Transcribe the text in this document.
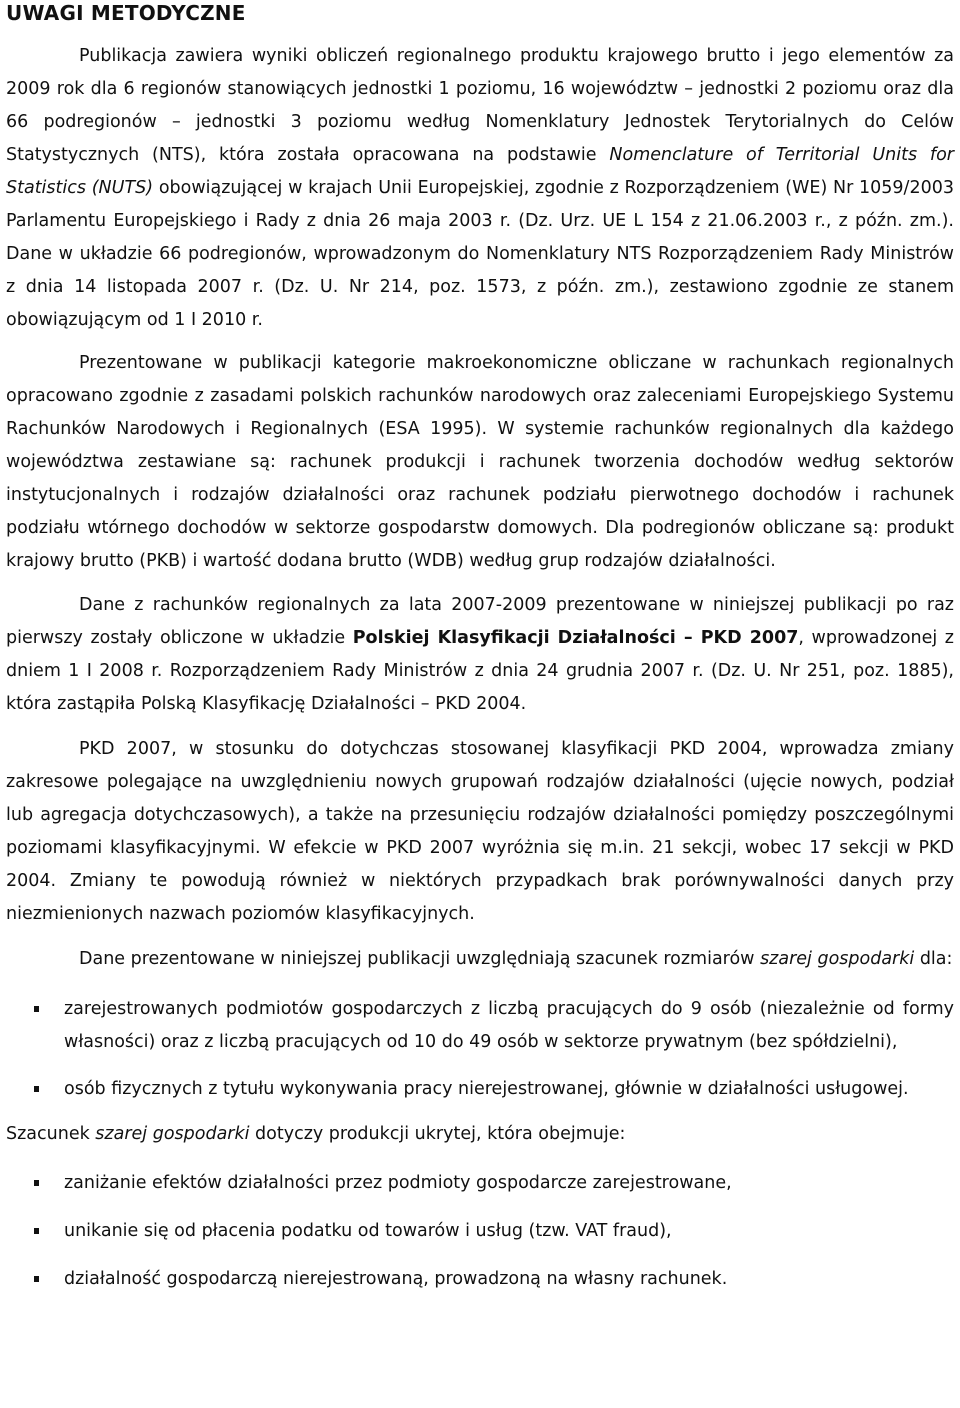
UWAGI METODYCZNE

Publikacja zawiera wyniki obliczeń regionalnego produktu krajowego brutto i jego elementów za 2009 rok dla 6 regionów stanowiących jednostki 1 poziomu, 16 województw – jednostki 2 poziomu oraz dla 66 podregionów – jednostki 3 poziomu według Nomenklatury Jednostek Terytorialnych do Celów Statystycznych (NTS), która została opracowana na podstawie Nomenclature of Territorial Units for Statistics (NUTS) obowiązującej w krajach Unii Europejskiej, zgodnie z Rozporządzeniem (WE) Nr 1059/2003 Parlamentu Europejskiego i Rady z dnia 26 maja 2003 r. (Dz. Urz. UE L 154 z 21.06.2003 r., z późn. zm.). Dane w układzie 66 podregionów, wprowadzonym do Nomenklatury NTS Rozporządzeniem Rady Ministrów z dnia 14 listopada 2007 r. (Dz. U. Nr 214, poz. 1573, z późn. zm.), zestawiono zgodnie ze stanem obowiązującym od 1 I 2010 r.

Prezentowane w publikacji kategorie makroekonomiczne obliczane w rachunkach regionalnych opracowano zgodnie z zasadami polskich rachunków narodowych oraz zaleceniami Europejskiego Systemu Rachunków Narodowych i Regionalnych (ESA 1995). W systemie rachunków regionalnych dla każdego województwa zestawiane są: rachunek produkcji i rachunek tworzenia dochodów według sektorów instytucjonalnych i rodzajów działalności oraz rachunek podziału pierwotnego dochodów i rachunek podziału wtórnego dochodów w sektorze gospodarstw domowych. Dla podregionów obliczane są: produkt krajowy brutto (PKB) i wartość dodana brutto (WDB) według grup rodzajów działalności.

Dane z rachunków regionalnych za lata 2007-2009 prezentowane w niniejszej publikacji po raz pierwszy zostały obliczone w układzie Polskiej Klasyfikacji Działalności – PKD 2007, wprowadzonej z dniem 1 I 2008 r. Rozporządzeniem Rady Ministrów z dnia 24 grudnia 2007 r. (Dz. U. Nr 251, poz. 1885), która zastąpiła Polską Klasyfikację Działalności – PKD 2004.

PKD 2007, w stosunku do dotychczas stosowanej klasyfikacji PKD 2004, wprowadza zmiany zakresowe polegające na uwzględnieniu nowych grupowań rodzajów działalności (ujęcie nowych, podział lub agregacja dotychczasowych), a także na przesunięciu rodzajów działalności pomiędzy poszczególnymi poziomami klasyfikacyjnymi. W efekcie w PKD 2007 wyróżnia się m.in. 21 sekcji, wobec 17 sekcji w PKD 2004. Zmiany te powodują również w niektórych przypadkach brak porównywalności danych przy niezmienionych nazwach poziomów klasyfikacyjnych.

Dane prezentowane w niniejszej publikacji uwzględniają szacunek rozmiarów szarej gospodarki dla:

zarejestrowanych podmiotów gospodarczych z liczbą pracujących do 9 osób (niezależnie od formy własności) oraz z liczbą pracujących od 10 do 49 osób w sektorze prywatnym (bez spółdzielni),
osób fizycznych z tytułu wykonywania pracy nierejestrowanej, głównie w działalności usługowej.

Szacunek szarej gospodarki dotyczy produkcji ukrytej, która obejmuje:

zaniżanie efektów działalności przez podmioty gospodarcze zarejestrowane,
unikanie się od płacenia podatku od towarów i usług (tzw. VAT fraud),
działalność gospodarczą nierejestrowaną, prowadzoną na własny rachunek.
